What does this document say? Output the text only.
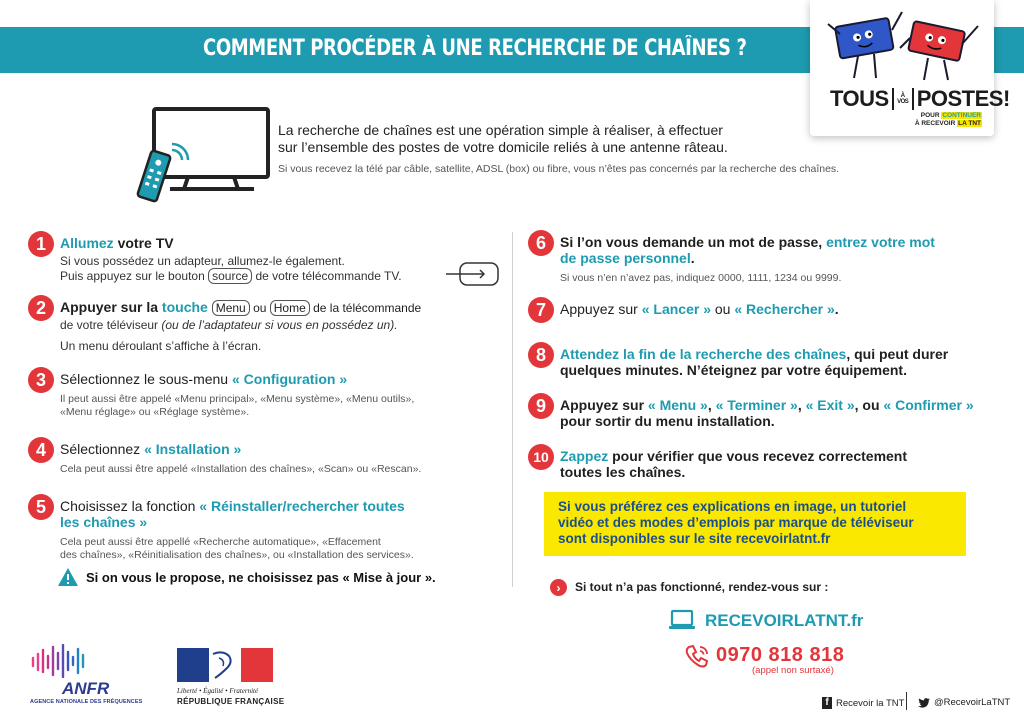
COMMENT PROCÉDER À UNE RECHERCHE DE CHAÎNES ?
TOUS	À VOS POSTES!
POUR CONTINUER
À RECEVOIR LA TNT
La recherche de chaînes est une opération simple à réaliser, à effectuer
sur l’ensemble des postes de votre domicile reliés à une antenne râteau.
Si vous recevez la télé par câble, satellite, ADSL (box) ou fibre, vous n’êtes pas concernés par la recherche des chaînes.
1	Allumez votre TV
Si vous possédez un adapteur, allumez-le également.
Puis appuyez sur le bouton source de votre télécommande TV.
2	Appuyer sur la touche Menu ou Home de la télécommande
de votre téléviseur (ou de l’adaptateur si vous en possédez un).
Un menu déroulant s’affiche à l’écran.
3	Sélectionnez le sous-menu « Configuration »
Il peut aussi être appelé «Menu principal», «Menu système», «Menu outils»,
«Menu réglage» ou «Réglage système».
4	Sélectionnez « Installation »
Cela peut aussi être appelé «Installation des chaînes», «Scan» ou «Rescan».
5	Choisissez la fonction « Réinstaller/rechercher toutes
les chaînes »
Cela peut aussi être appellé «Recherche automatique», «Effacement
des chaînes», «Réinitialisation des chaînes», ou «Installation des services».
Si on vous le propose, ne choisissez pas « Mise à jour ».
6	Si l’on vous demande un mot de passe, entrez votre mot
de passe personnel.
Si vous n’en n’avez pas, indiquez 0000, 1111, 1234 ou 9999.
7	Appuyez sur « Lancer » ou « Rechercher ».
8	Attendez la fin de la recherche des chaînes, qui peut durer
quelques minutes. N’éteignez par votre équipement.
9	Appuyez sur « Menu », « Terminer », « Exit », ou « Confirmer »
pour sortir du menu installation.
10 Zappez pour vérifier que vous recevez correctement
toutes les chaînes.
Si vous préférez ces explications en image, un tutoriel
vidéo et des modes d’emplois par marque de téléviseur
sont disponibles sur le site recevoirlatnt.fr
›	Si tout n’a pas fonctionné, rendez-vous sur :
RECEVOIRLATNT.fr
0970 818 818
(appel non surtaxé)
ANFR
AGENCE NATIONALE DES FRÉQUENCES
Liberté • Égalité • Fraternité
RÉPUBLIQUE FRANÇAISE	f Recevoir la TNT	@RecevoirLaTNT
